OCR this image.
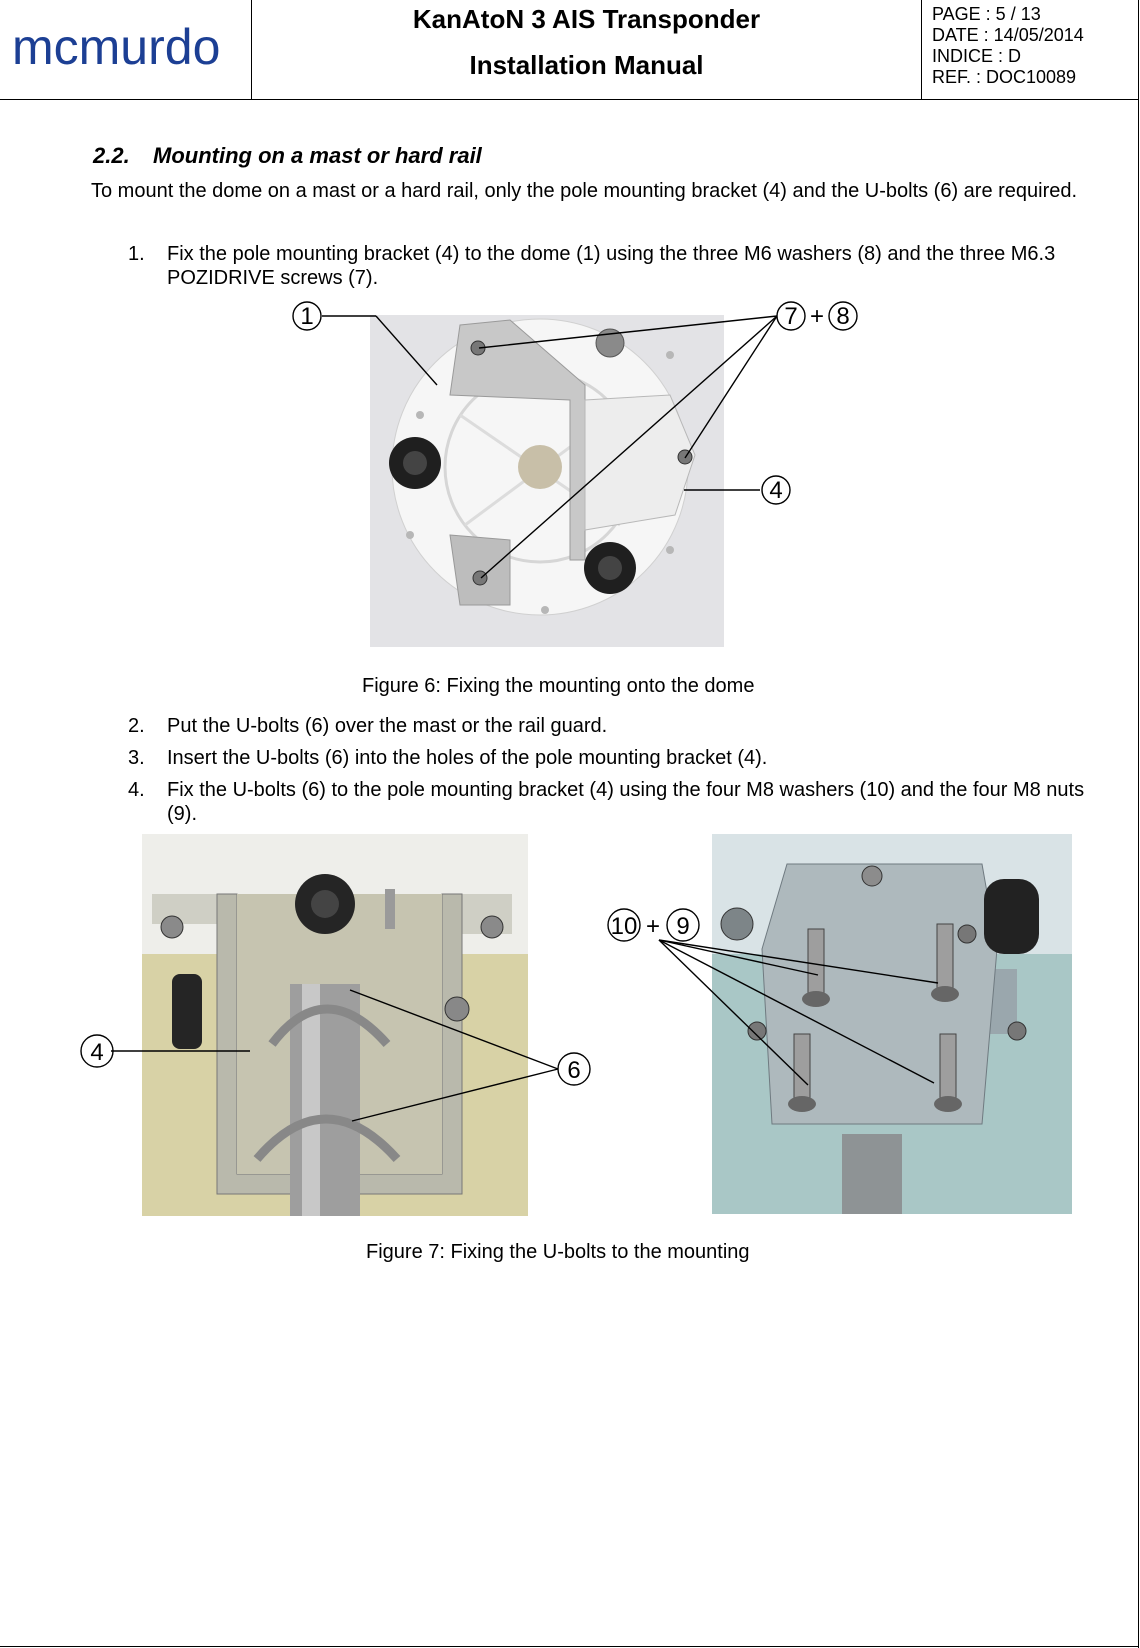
mcmurdo	KanAtoN 3 AIS Transponder
Installation Manual
PAGE : 5 / 13
DATE : 14/05/2014
INDICE : D
REF. : DOC10089
2.2. Mounting on a mast or hard rail
To mount the dome on a mast or a hard rail, only the pole mounting bracket (4) and the U-bolts (6) are required.
1. Fix the pole mounting bracket (4) to the dome (1) using the three M6 washers (8) and the three M6.3 POZIDRIVE screws (7).
1	7 + 8
4
Figure 6: Fixing the mounting onto the dome
2. Put the U-bolts (6) over the mast or the rail guard.
3. Insert the U-bolts (6) into the holes of the pole mounting bracket (4).
4. Fix the U-bolts (6) to the pole mounting bracket (4) using the four M8 washers (10) and the four M8 nuts (9).
4
6
10 + 9
Figure 7: Fixing the U-bolts to the mounting
